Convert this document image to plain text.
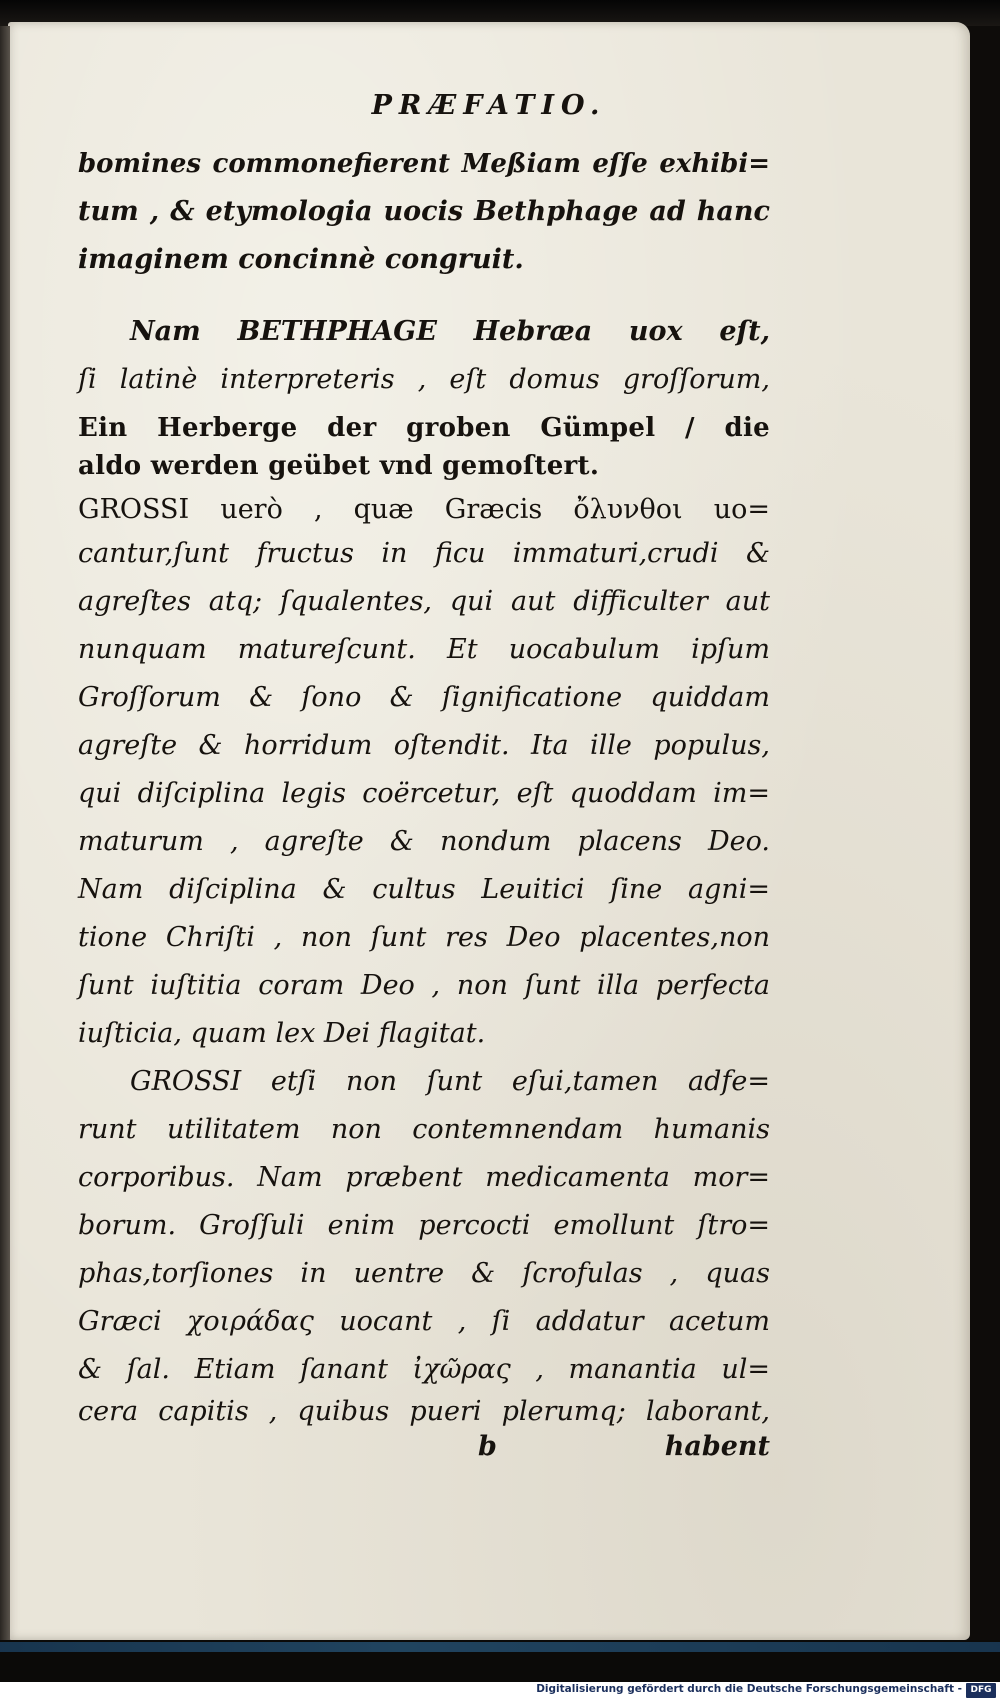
PRÆFATIO.
bomines commonefierent Meßiam eſſe exhibi=
tum , & etymologia uocis Bethphage ad hanc
imaginem concinnè congruit.
Nam BETHPHAGE Hebræa uox eſt,
ſi latinè interpreteris , eſt domus groſſorum,
Ein Herberge der groben Gümpel / die
aldo werden geübet vnd gemoſtert.
GROSSI uerò , quæ Græcis ὄλυνθοι uo=
cantur,ſunt fructus in ficu immaturi,crudi &
agreſtes atq; ſqualentes, qui aut difficulter aut
nunquam matureſcunt. Et uocabulum ipſum
Groſſorum & ſono & ſignificatione quiddam
agreſte & horridum oſtendit. Ita ille populus,
qui diſciplina legis coërcetur, eſt quoddam im=
maturum , agreſte & nondum placens Deo.
Nam diſciplina & cultus Leuitici ſine agni=
tione Chriſti , non ſunt res Deo placentes,non
ſunt iuſtitia coram Deo , non ſunt illa perfecta
iuſticia, quam lex Dei flagitat.
GROSSI etſi non ſunt eſui,tamen adfe=
runt utilitatem non contemnendam humanis
corporibus. Nam præbent medicamenta mor=
borum. Groſſuli enim percocti emollunt ſtro=
phas,torſiones in uentre & ſcrofulas , quas
Græci χοιράδας uocant , ſi addatur acetum
& ſal. Etiam ſanant ἰχῶρας , manantia ul=
cera capitis , quibus pueri plerumq; laborant,
b	habent
Digitalisierung gefördert durch die Deutsche Forschungsgemeinschaft - DFG
